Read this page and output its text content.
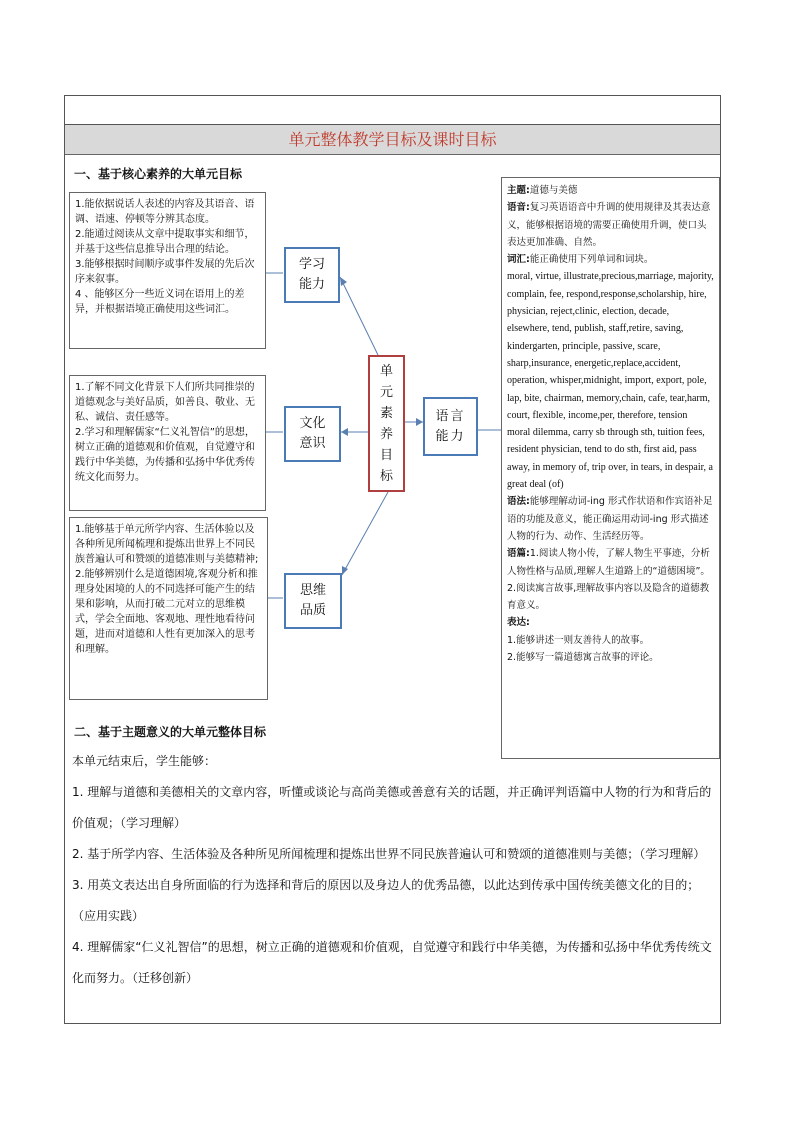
单元整体教学目标及课时目标
一、基于核心素养的大单元目标

1.能依据说话人表述的内容及其语音、语调、语速、停顿等分辨其态度。

2.能通过阅读从文章中提取事实和细节，并基于这些信息推导出合理的结论。

3.能够根据时间顺序或事件发展的先后次序来叙事。

4 、能够区分一些近义词在语用上的差异，并根据语境正确使用这些词汇。

1.了解不同文化背景下人们所共同推崇的道德观念与美好品质，如善良、敬业、无私、诚信、责任感等。

2.学习和理解儒家“仁义礼智信”的思想，树立正确的道德观和价值观，自觉遵守和践行中华美德，为传播和弘扬中华优秀传统文化而努力。

1.能够基于单元所学内容、生活体验以及各种所见所闻梳理和提炼出世界上不同民族普遍认可和赞颂的道德准则与美德精神;

2.能够辨别什么是道德困境,客观分析和推理身处困境的人的不同选择可能产生的结果和影响，从而打破二元对立的思维模式，学会全面地、客观地、理性地看待问题，进而对道德和人性有更加深入的思考和理解。

学习能力
文化意识
思维品质
语言能力
单元素养目标

主题:道德与美德

语音:复习英语语音中升调的使用规律及其表达意义，能够根据语境的需要正确使用升调，使口头表达更加准确、自然。

词汇:能正确使用下列单词和词块。

moral, virtue, illustrate,precious,marriage, majority, complain, fee, respond,response,scholarship, hire, physician, reject,clinic, election, decade, elsewhere, tend, publish, staff,retire, saving, kindergarten, principle, passive, scare, sharp,insurance, energetic,replace,accident, operation, whisper,midnight, import, export, pole, lap, bite, chairman, memory,chain, cafe, tear,harm, court, flexible, income,per, therefore, tension

moral dilemma, carry sb through sth, tuition fees, resident physician, tend to do sth, first aid, pass away, in memory of, trip over, in tears, in despair, a great deal (of)

语法:能够理解动词-ing 形式作状语和作宾语补足语的功能及意义，能正确运用动词-ing 形式描述人物的行为、动作、生活经历等。

语篇:1.阅读人物小传，了解人物生平事迹，分析人物性格与品质,理解人生道路上的“道德困境”。

2.阅读寓言故事,理解故事内容以及隐含的道德教育意义。

表达:

1.能够讲述一则友善待人的故事。

2.能够写一篇道德寓言故事的评论。

二、基于主题意义的大单元整体目标

本单元结束后，学生能够：

1. 理解与道德和美德相关的文章内容，听懂或谈论与高尚美德或善意有关的话题，并正确评判语篇中人物的行为和背后的价值观；（学习理解）

2. 基于所学内容、生活体验及各种所见所闻梳理和提炼出世界不同民族普遍认可和赞颂的道德准则与美德；（学习理解）

3. 用英文表达出自身所面临的行为选择和背后的原因以及身边人的优秀品德，以此达到传承中国传统美德文化的目的；（应用实践）

4. 理解儒家“仁义礼智信”的思想，树立正确的道德观和价值观，自觉遵守和践行中华美德，为传播和弘扬中华优秀传统文化而努力。（迁移创新）
